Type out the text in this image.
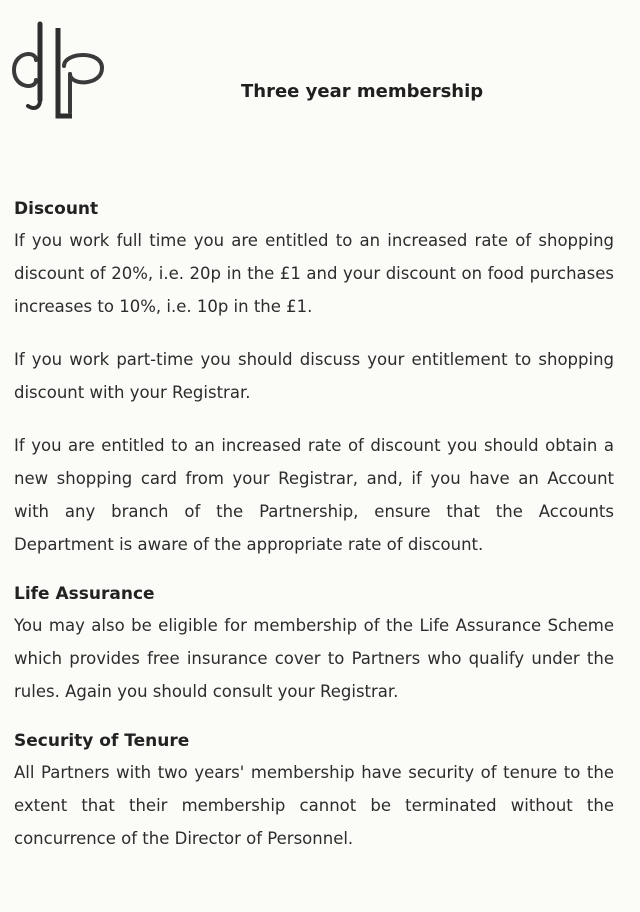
Three year membership
Discount

If you work full time you are entitled to an increased rate of shopping discount of 20%, i.e. 20p in the £1 and your discount on food purchases increases to 10%, i.e. 10p in the £1.

If you work part-time you should discuss your entitlement to shopping discount with your Registrar.

If you are entitled to an increased rate of discount you should obtain a new shopping card from your Registrar, and, if you have an Account with any branch of the Partnership, ensure that the Accounts Department is aware of the appropriate rate of discount.

Life Assurance

You may also be eligible for membership of the Life Assurance Scheme which provides free insurance cover to Partners who qualify under the rules. Again you should consult your Registrar.

Security of Tenure

All Partners with two years' membership have security of tenure to the extent that their membership cannot be terminated without the concurrence of the Director of Personnel.
